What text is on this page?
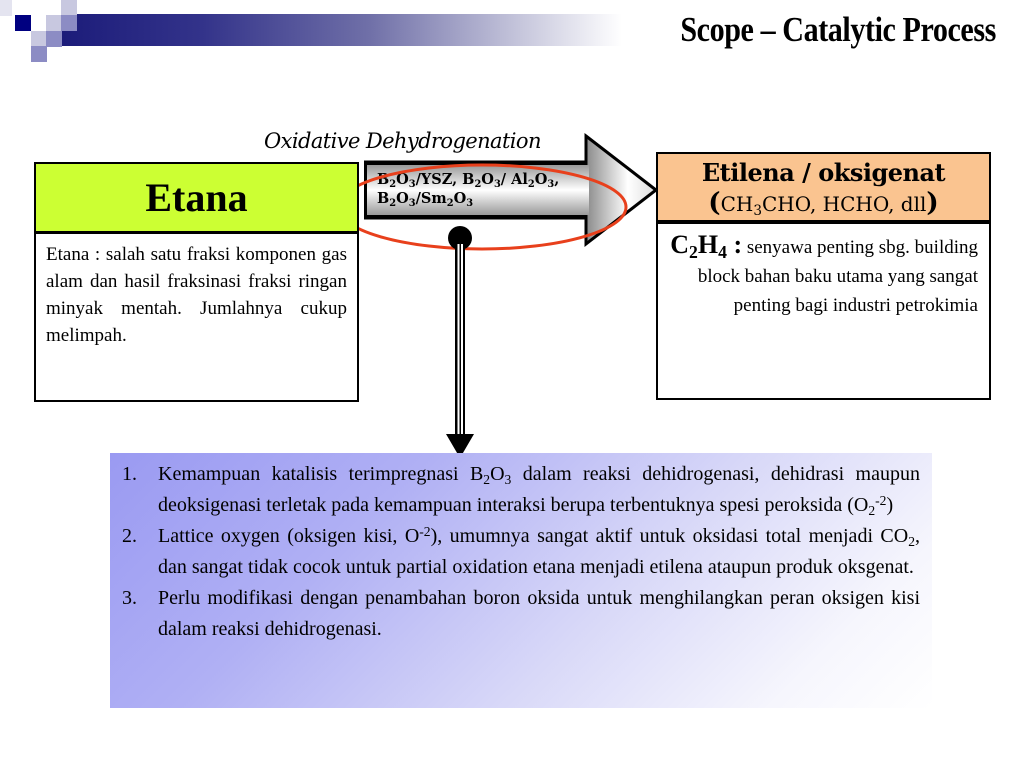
Scope – Catalytic Process
Oxidative Dehydrogenation
$B_2O_3$/YSZ, $B_2O_3/$ $Al_2O_3$,
$B_2O_3/Sm_2O_3$
Etana
Etana : salah satu fraksi komponen gas alam dan hasil fraksinasi fraksi ringan minyak mentah. Jumlahnya cukup melimpah.
Etilena / oksigenat
($CH_3CHO$, HCHO, dll)
$C_2H_4$ : senyawa penting sbg. building block bahan baku utama yang sangat penting bagi industri petrokimia
1.	Kemampuan katalisis terimpregnasi $B_2O_3$ dalam reaksi dehidrogenasi, dehidrasi maupun deoksigenasi terletak pada kemampuan interaksi berupa terbentuknya spesi peroksida $(O_2^{-2})$
2.	Lattice oxygen (oksigen kisi, $O^{-2}$), umumnya sangat aktif untuk oksidasi total menjadi $CO_2$, dan sangat tidak cocok untuk partial oxidation etana menjadi etilena ataupun produk oksgenat.
3.	Perlu modifikasi dengan penambahan boron oksida untuk menghilangkan peran oksigen kisi dalam reaksi dehidrogenasi.
